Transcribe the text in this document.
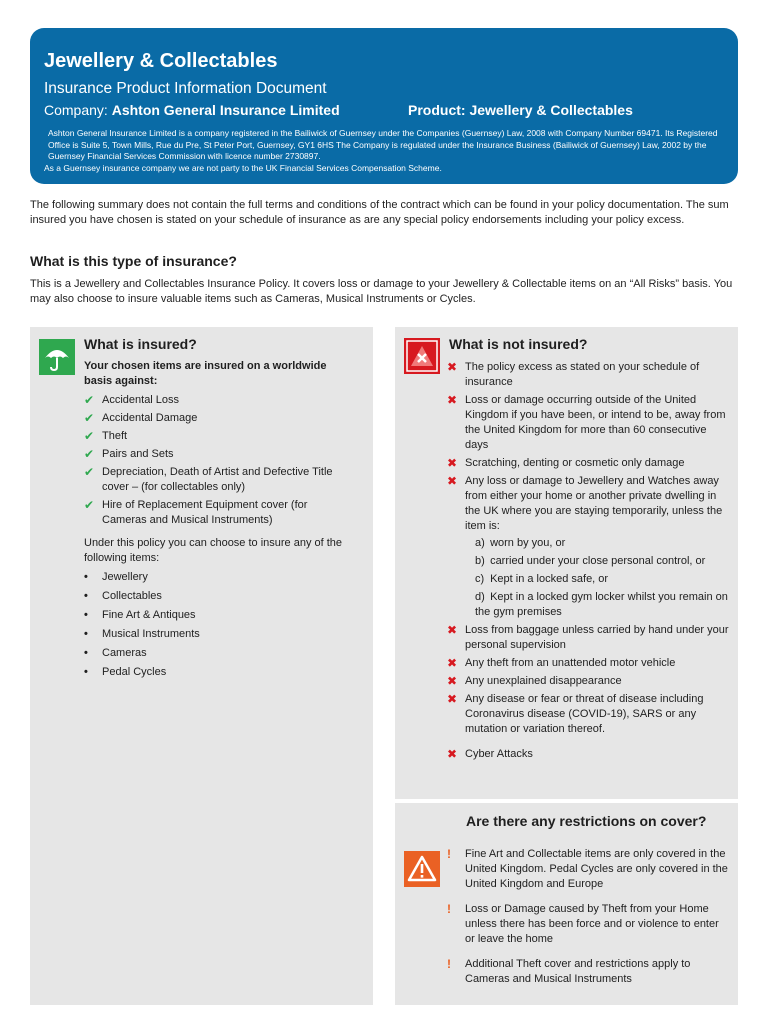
Jewellery & Collectables
Insurance Product Information Document
Company: Ashton General Insurance Limited	Product: Jewellery & Collectables
Ashton General Insurance Limited is a company registered in the Bailiwick of Guernsey under the Companies (Guernsey) Law, 2008 with Company Number 69471. Its Registered Office is Suite 5, Town Mills, Rue du Pre, St Peter Port, Guernsey, GY1 6HS The Company is regulated under the Insurance Business (Bailiwick of Guernsey) Law, 2002 by the Guernsey Financial Services Commission with licence number 2730897.
As a Guernsey insurance company we are not party to the UK Financial Services Compensation Scheme.
The following summary does not contain the full terms and conditions of the contract which can be found in your policy documentation. The sum insured you have chosen is stated on your schedule of insurance as are any special policy endorsements including your policy excess.
What is this type of insurance?
This is a Jewellery and Collectables Insurance Policy. It covers loss or damage to your Jewellery & Collectable items on an “All Risks” basis. You may also choose to insure valuable items such as Cameras, Musical Instruments or Cycles.
What is insured?
Your chosen items are insured on a worldwide basis against:
✔ Accidental Loss
✔ Accidental Damage
✔ Theft
✔ Pairs and Sets
✔ Depreciation, Death of Artist and Defective Title cover – (for collectables only)
✔ Hire of Replacement Equipment cover (for Cameras and Musical Instruments)
Under this policy you can choose to insure any of the following items:
•	Jewellery
•	Collectables
•	Fine Art & Antiques
•	Musical Instruments
•	Cameras
•	Pedal Cycles
What is not insured?
✖ The policy excess as stated on your schedule of insurance
✖ Loss or damage occurring outside of the United Kingdom if you have been, or intend to be, away from the United Kingdom for more than 60 consecutive days
✖ Scratching, denting or cosmetic only damage
✖ Any loss or damage to Jewellery and Watches away from either your home or another private dwelling in the UK where you are staying temporarily, unless the item is:
a) worn by you, or
b) carried under your close personal control, or
c) Kept in a locked safe, or
d) Kept in a locked gym locker whilst you remain on the gym premises
✖ Loss from baggage unless carried by hand under your personal supervision
✖ Any theft from an unattended motor vehicle
✖ Any unexplained disappearance
✖ Any disease or fear or threat of disease including Coronavirus disease (COVID-19), SARS or any mutation or variation thereof.
✖ Cyber Attacks
Are there any restrictions on cover?
!	Fine Art and Collectable items are only covered in the United Kingdom. Pedal Cycles are only covered in the United Kingdom and Europe
!	Loss or Damage caused by Theft from your Home unless there has been force and or violence to enter or leave the home
!	Additional Theft cover and restrictions apply to Cameras and Musical Instruments
